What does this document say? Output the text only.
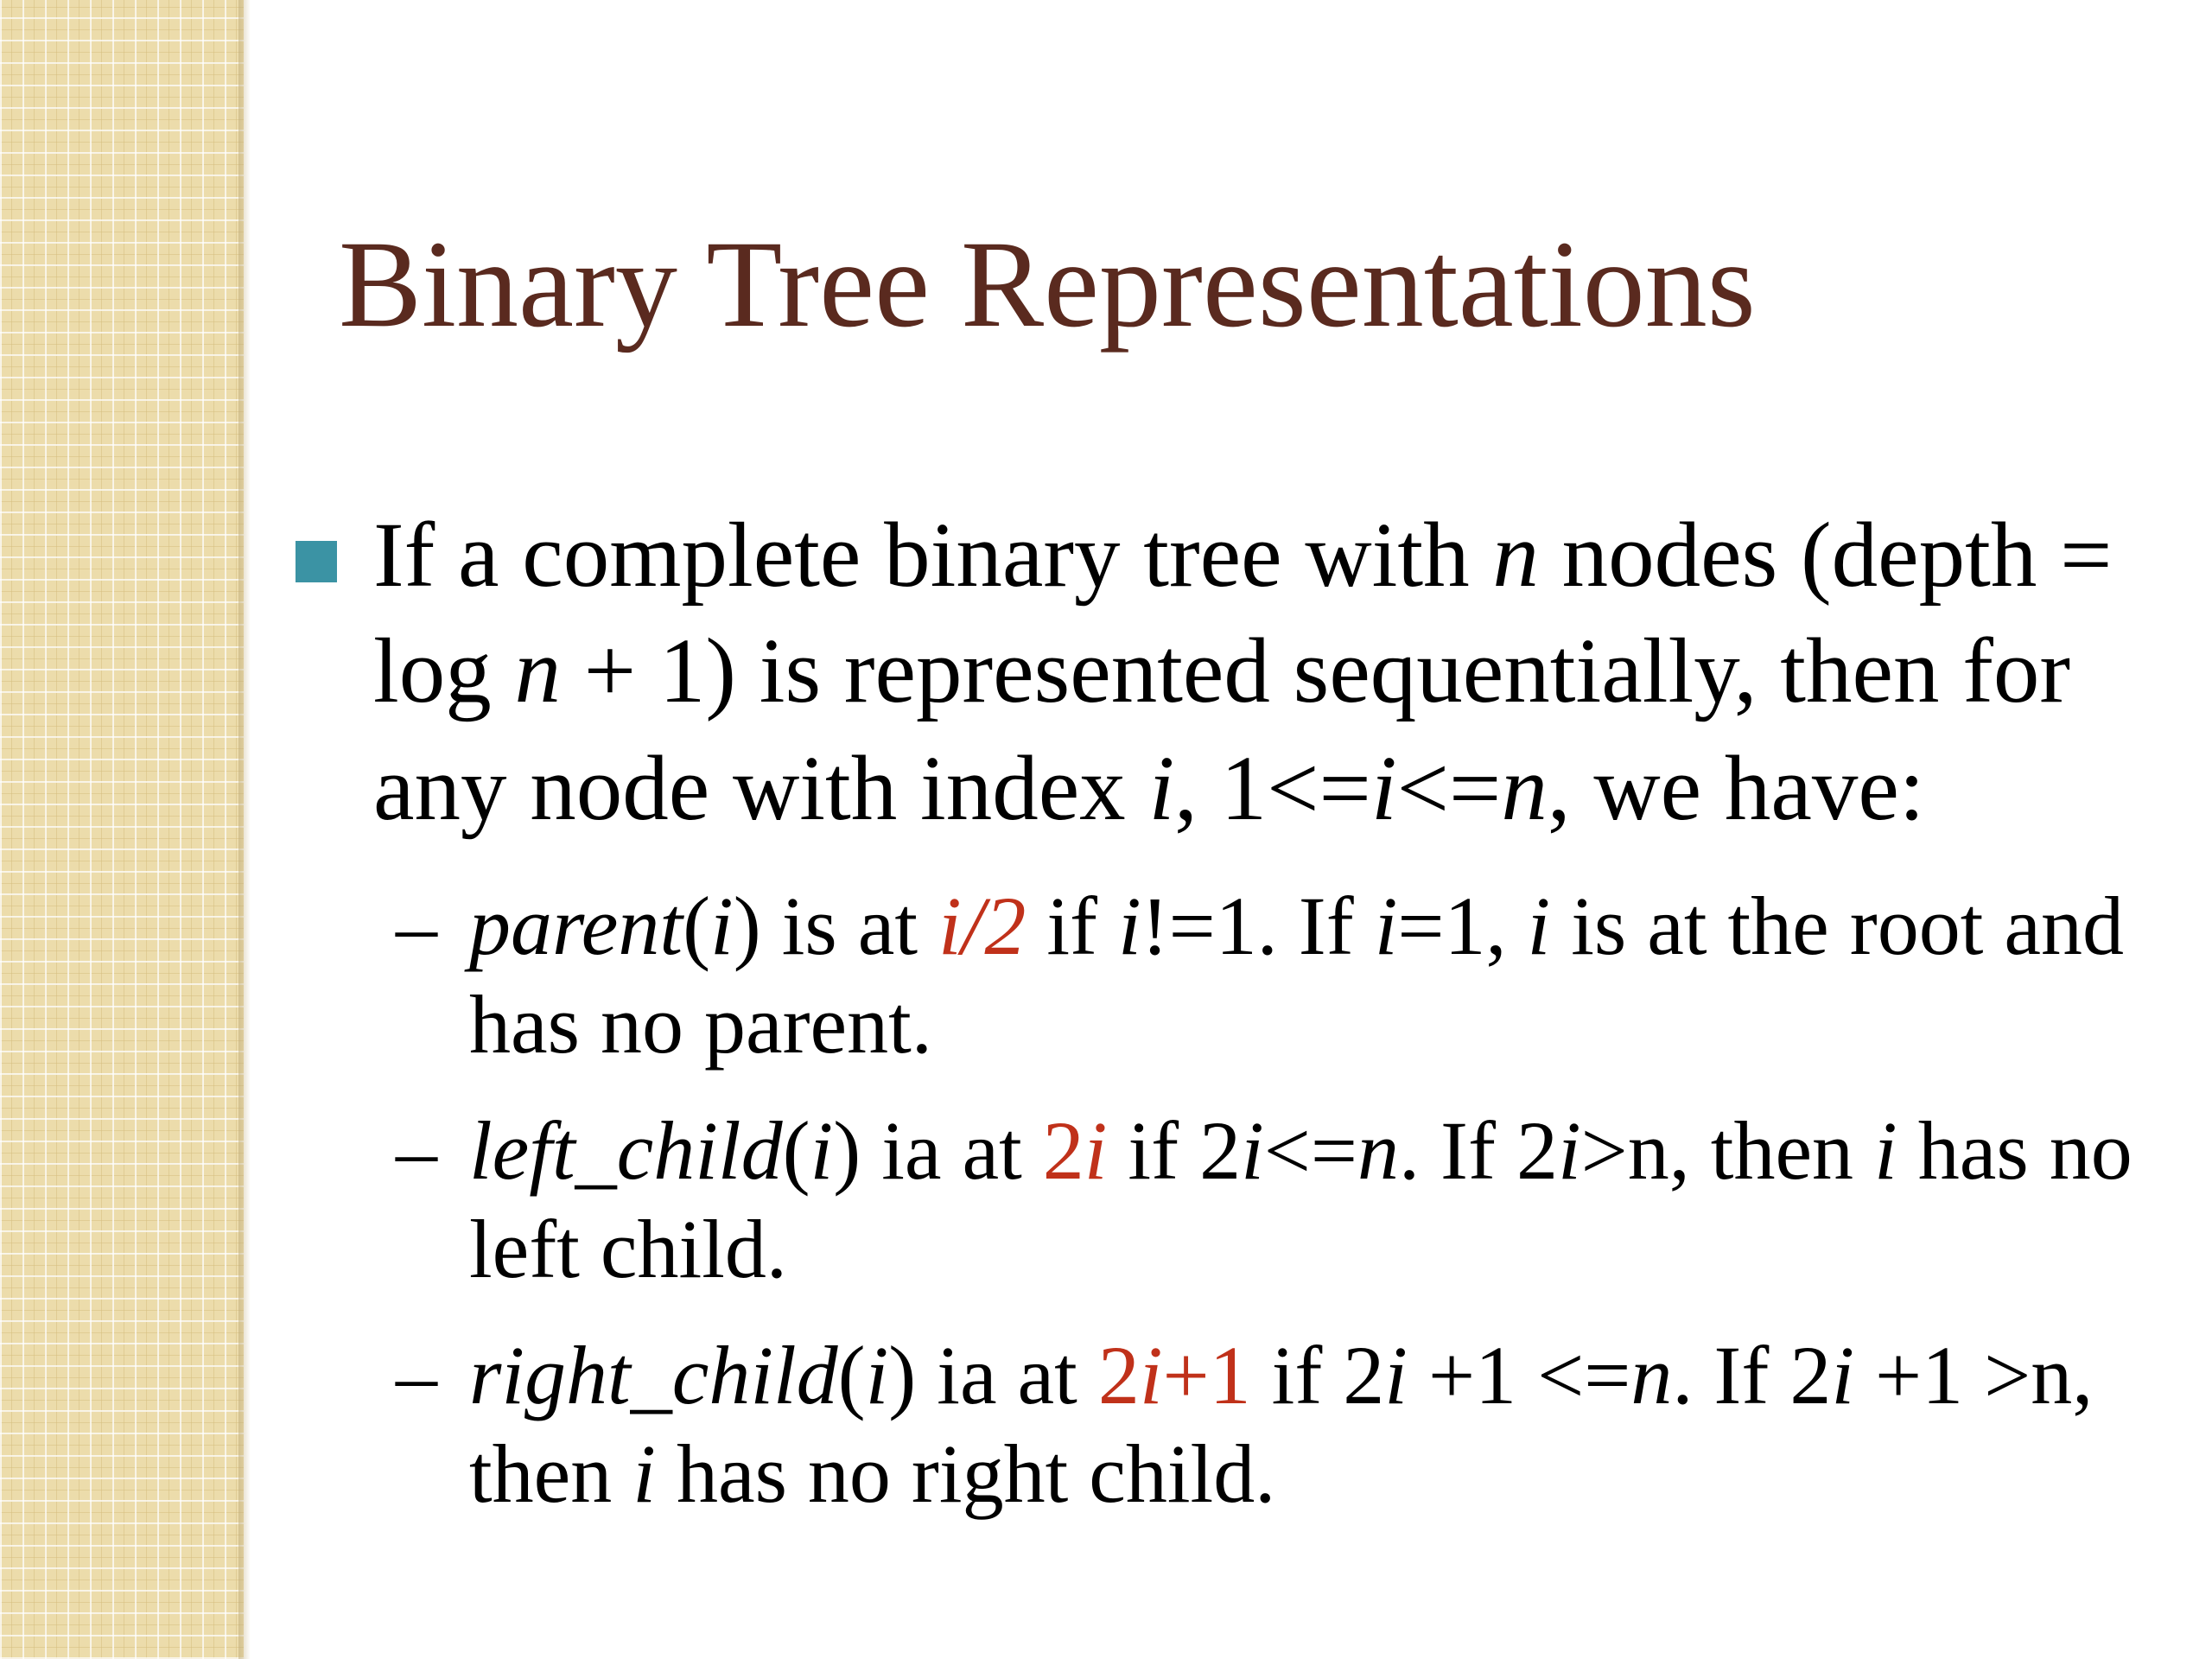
Binary Tree Representations

If a complete binary tree with n nodes (depth =

log n + 1) is represented sequentially, then for

any node with index i, 1<=i<=n, we have:

– parent(i) is at i/2 if i!=1. If i=1, i is at the root and

has no parent.

– left_child(i) ia at 2i if 2i<=n. If 2i>n, then i has no

left child.

– right_child(i) ia at 2i+1 if 2i +1 <=n. If 2i +1 >n,

then i has no right child.
